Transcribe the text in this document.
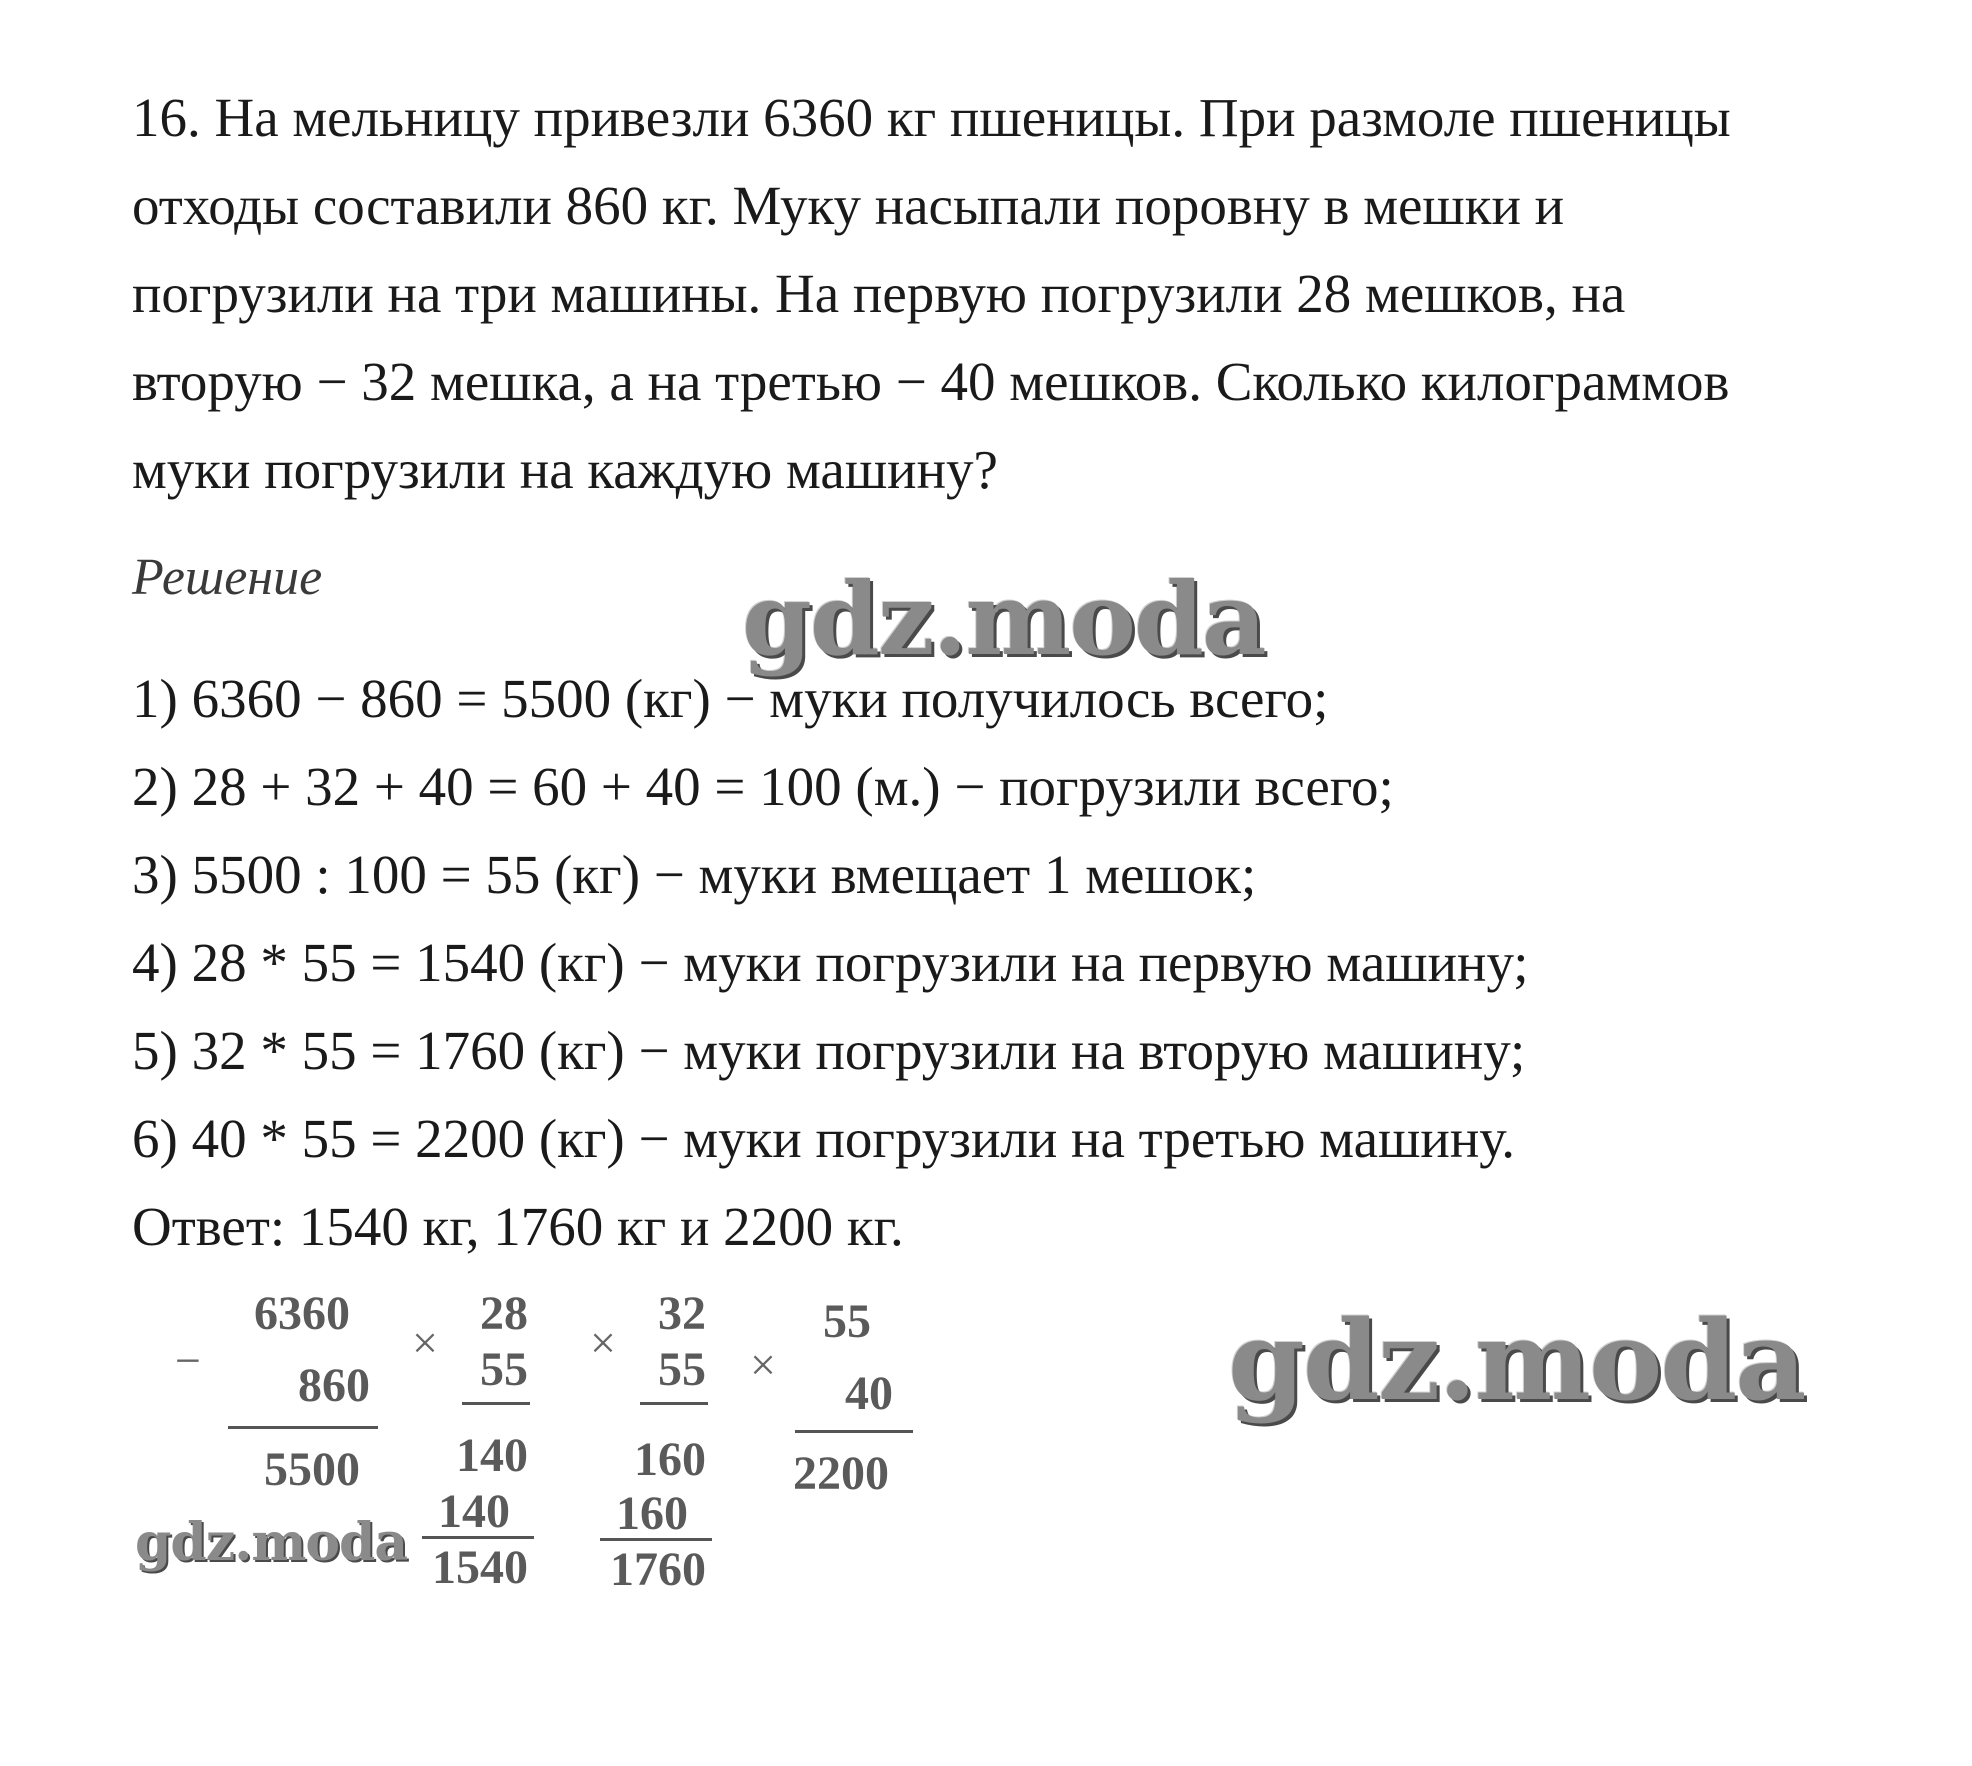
16. На мельницу привезли 6360 кг пшеницы. При размоле пшеницы
отходы составили 860 кг. Муку насыпали поровну в мешки и
погрузили на три машины. На первую погрузили 28 мешков, на
вторую − 32 мешка, а на третью − 40 мешков. Сколько килограммов
муки погрузили на каждую машину?
Решение	gdz.moda
1) 6360 − 860 = 5500 (кг) − муки получилось всего;
2) 28 + 32 + 40 = 60 + 40 = 100 (м.) − погрузили всего;
3) 5500 : 100 = 55 (кг) − муки вмещает 1 мешок;
4) 28 * 55 = 1540 (кг) − муки погрузили на первую машину;
5) 32 * 55 = 1760 (кг) − муки погрузили на вторую машину;
6) 40 * 55 = 2200 (кг) − муки погрузили на третью машину.
Ответ: 1540 кг, 1760 кг и 2200 кг.
−
6360
860
5500
×
28
55
140
140
1540
×
32
55
160
160
1760
×
55
40
2200
gdz.moda
gdz.moda
